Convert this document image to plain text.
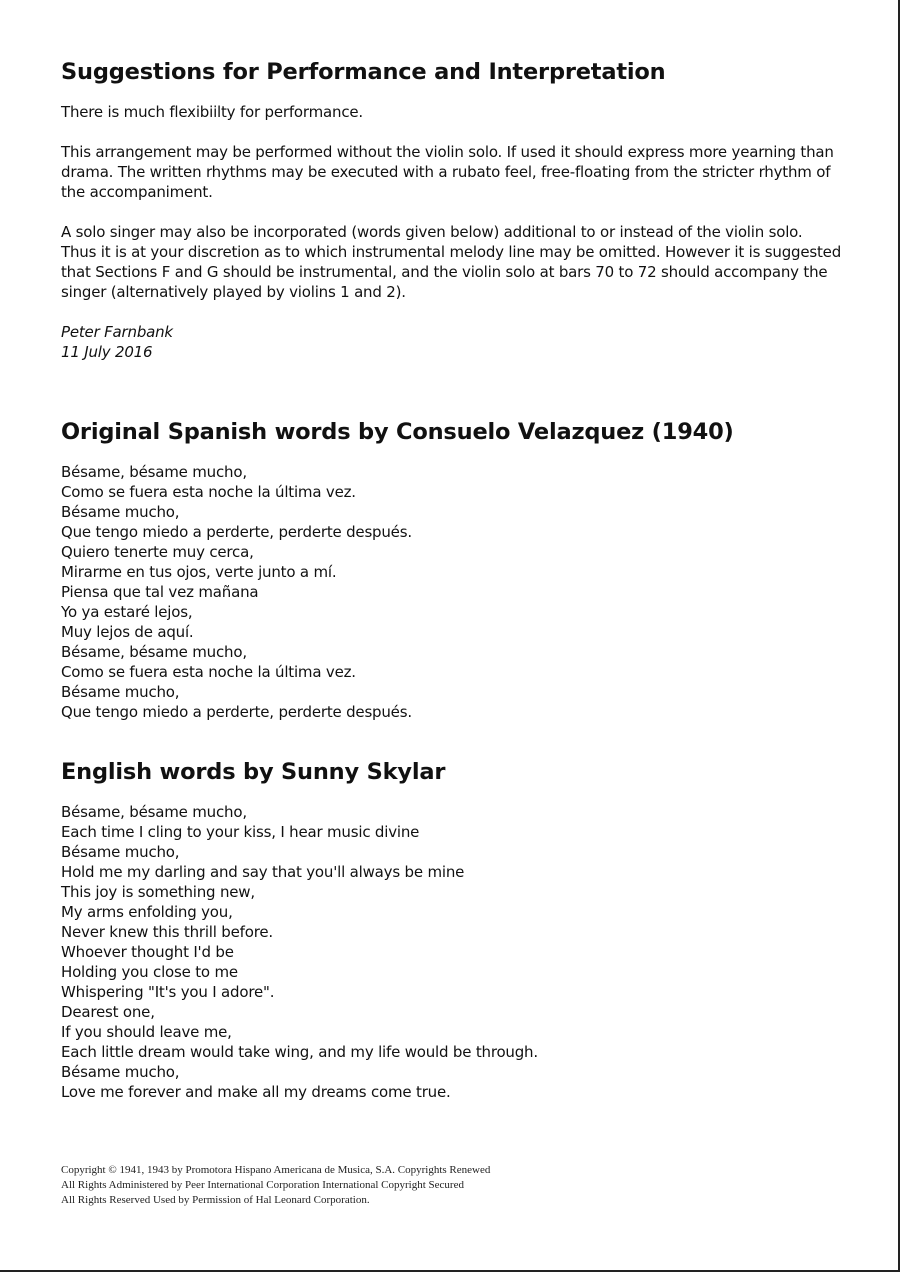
Suggestions for Performance and Interpretation

There is much flexibiilty for performance.

This arrangement may be performed without the violin solo. If used it should express more yearning than drama. The written rhythms may be executed with a rubato feel, free-floating from the stricter rhythm of the accompaniment.

A solo singer may also be incorporated (words given below) additional to or instead of the violin solo. Thus it is at your discretion as to which instrumental melody line may be omitted. However it is suggested that Sections F and G should be instrumental, and the violin solo at bars 70 to 72 should accompany the singer (alternatively played by violins 1 and 2).

Peter Farnbank

11 July 2016

Original Spanish words by Consuelo Velazquez (1940)
Bésame, bésame mucho,
Como se fuera esta noche la última vez.
Bésame mucho,
Que tengo miedo a perderte, perderte después.
Quiero tenerte muy cerca,
Mirarme en tus ojos, verte junto a mí.
Piensa que tal vez mañana
Yo ya estaré lejos,
Muy lejos de aquí.
Bésame, bésame mucho,
Como se fuera esta noche la última vez.
Bésame mucho,
Que tengo miedo a perderte, perderte después.
English words by Sunny Skylar
Bésame, bésame mucho,
Each time I cling to your kiss, I hear music divine
Bésame mucho,
Hold me my darling and say that you'll always be mine
This joy is something new,
My arms enfolding you,
Never knew this thrill before.
Whoever thought I'd be
Holding you close to me
Whispering "It's you I adore".
Dearest one,
If you should leave me,
Each little dream would take wing, and my life would be through.
Bésame mucho,
Love me forever and make all my dreams come true.
Copyright © 1941, 1943 by Promotora Hispano Americana de Musica, S.A. Copyrights Renewed
All Rights Administered by Peer International Corporation International Copyright Secured
All Rights Reserved Used by Permission of Hal Leonard Corporation.
